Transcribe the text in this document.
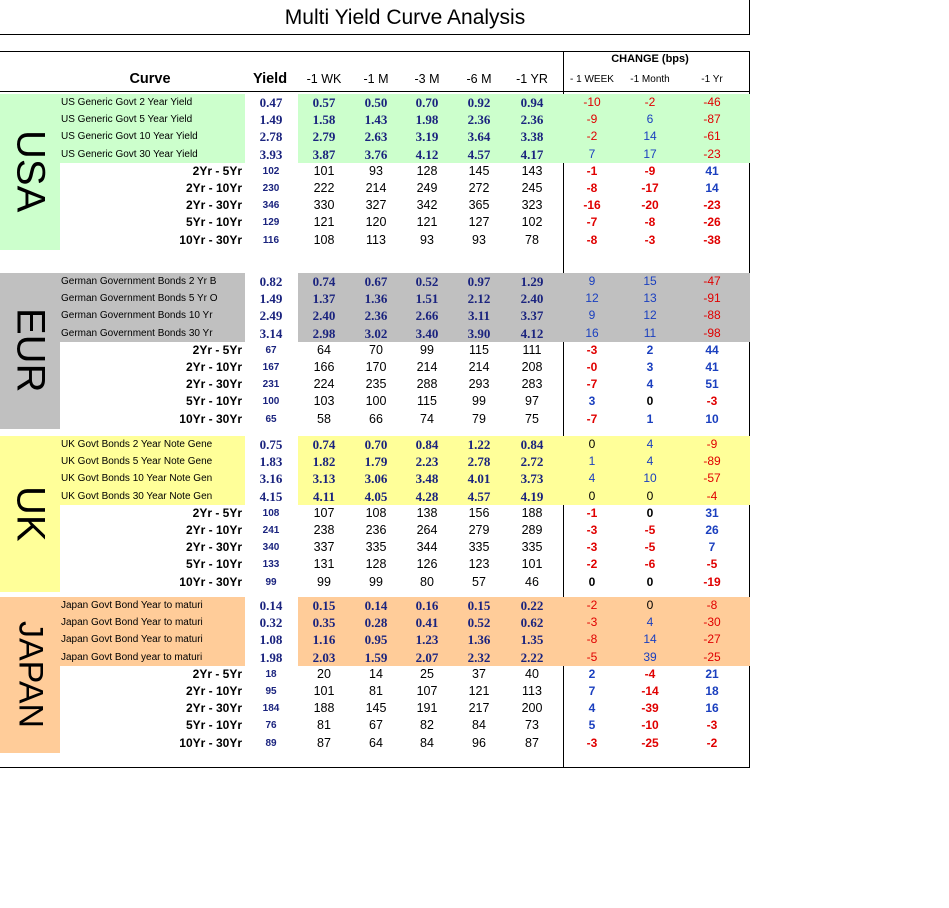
Multi Yield Curve Analysis
Curve	Yield	-1 WK	-1 M	-3 M	-6 M	-1 YR
CHANGE (bps)
- 1 WEEK	-1 Month	-1 Yr
USA
US Generic Govt 2 Year Yield	0.47	0.57	0.50	0.70	0.92	0.94	-10	-2	-46
US Generic Govt 5 Year Yield	1.49	1.58	1.43	1.98	2.36	2.36	-9	6	-87
US Generic Govt 10 Year Yield	2.78	2.79	2.63	3.19	3.64	3.38	-2	14	-61
US Generic Govt 30 Year Yield	3.93	3.87	3.76	4.12	4.57	4.17	7	17	-23
2Yr - 5Yr	102	101	93	128	145	143	-1	-9	41
2Yr - 10Yr	230	222	214	249	272	245	-8	-17	14
2Yr - 30Yr	346	330	327	342	365	323	-16	-20	-23
5Yr - 10Yr	129	121	120	121	127	102	-7	-8	-26
10Yr - 30Yr	116	108	113	93	93	78	-8	-3	-38
EUR
German Government Bonds 2 Yr B	0.82	0.74	0.67	0.52	0.97	1.29	9	15	-47
German Government Bonds 5 Yr O	1.49	1.37	1.36	1.51	2.12	2.40	12	13	-91
German Government Bonds 10 Yr	2.49	2.40	2.36	2.66	3.11	3.37	9	12	-88
German Government Bonds 30 Yr	3.14	2.98	3.02	3.40	3.90	4.12	16	11	-98
2Yr - 5Yr	67	64	70	99	115	111	-3	2	44
2Yr - 10Yr	167	166	170	214	214	208	-0	3	41
2Yr - 30Yr	231	224	235	288	293	283	-7	4	51
5Yr - 10Yr	100	103	100	115	99	97	3	0	-3
10Yr - 30Yr	65	58	66	74	79	75	-7	1	10
UK
UK Govt Bonds 2 Year Note Gene	0.75	0.74	0.70	0.84	1.22	0.84	0	4	-9
UK Govt Bonds 5 Year Note Gene	1.83	1.82	1.79	2.23	2.78	2.72	1	4	-89
UK Govt Bonds 10 Year Note Gen	3.16	3.13	3.06	3.48	4.01	3.73	4	10	-57
UK Govt Bonds 30 Year Note Gen	4.15	4.11	4.05	4.28	4.57	4.19	0	0	-4
2Yr - 5Yr	108	107	108	138	156	188	-1	0	31
2Yr - 10Yr	241	238	236	264	279	289	-3	-5	26
2Yr - 30Yr	340	337	335	344	335	335	-3	-5	7
5Yr - 10Yr	133	131	128	126	123	101	-2	-6	-5
10Yr - 30Yr	99	99	99	80	57	46	0	0	-19
JAPAN
Japan Govt Bond Year to maturi	0.14	0.15	0.14	0.16	0.15	0.22	-2	0	-8
Japan Govt Bond Year to maturi	0.32	0.35	0.28	0.41	0.52	0.62	-3	4	-30
Japan Govt Bond Year to maturi	1.08	1.16	0.95	1.23	1.36	1.35	-8	14	-27
Japan Govt Bond year to maturi	1.98	2.03	1.59	2.07	2.32	2.22	-5	39	-25
2Yr - 5Yr	18	20	14	25	37	40	2	-4	21
2Yr - 10Yr	95	101	81	107	121	113	7	-14	18
2Yr - 30Yr	184	188	145	191	217	200	4	-39	16
5Yr - 10Yr	76	81	67	82	84	73	5	-10	-3
10Yr - 30Yr	89	87	64	84	96	87	-3	-25	-2
